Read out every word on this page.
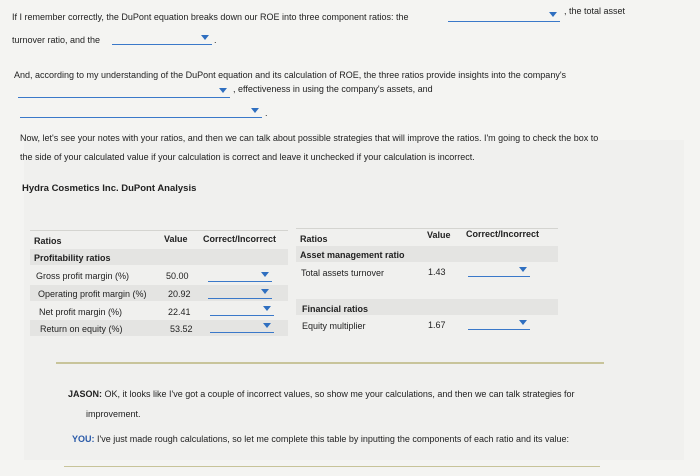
If I remember correctly, the DuPont equation breaks down our ROE into three component ratios: the
, the total asset
turnover ratio, and the	.
And, according to my understanding of the DuPont equation and its calculation of ROE, the three ratios provide insights into the company's
, effectiveness in using the company's assets, and
.
Now, let's see your notes with your ratios, and then we can talk about possible strategies that will improve the ratios. I'm going to check the box to
the side of your calculated value if your calculation is correct and leave it unchecked if your calculation is incorrect.
Hydra Cosmetics Inc. DuPont Analysis
Ratios	Value Correct/Incorrect
Profitability ratios
Gross profit margin (%)	50.00
Operating profit margin (%) 20.92
Net profit margin (%)	22.41
Return on equity (%)	53.52
Ratios	Value Correct/Incorrect
Asset management ratio
Total assets turnover	1.43
Financial ratios
Equity multiplier	1.67
JASON: OK, it looks like I've got a couple of incorrect values, so show me your calculations, and then we can talk strategies for
improvement.
YOU: I've just made rough calculations, so let me complete this table by inputting the components of each ratio and its value:
